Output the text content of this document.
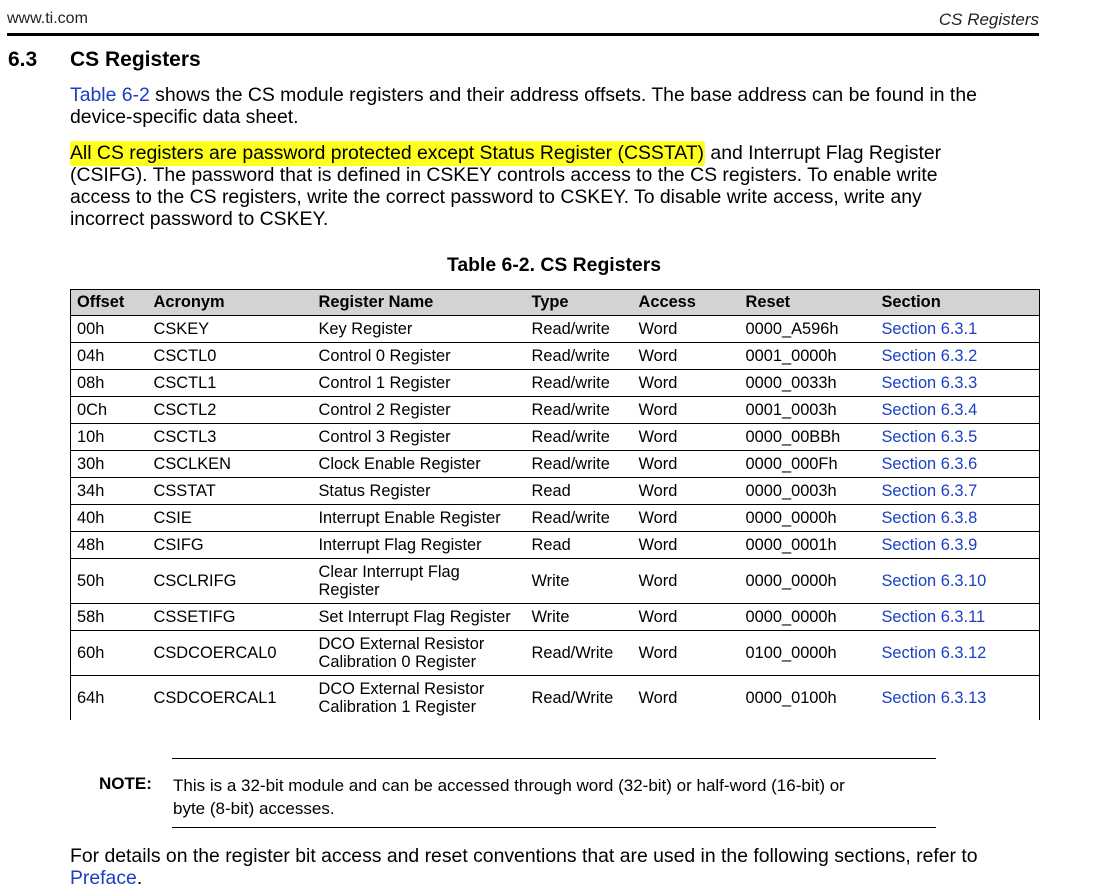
www.ti.com	CS Registers
6.3 CS Registers
Table 6-2 shows the CS module registers and their address offsets. The base address can be found in the
device-specific data sheet.
All CS registers are password protected except Status Register (CSSTAT) and Interrupt Flag Register
(CSIFG). The password that is defined in CSKEY controls access to the CS registers. To enable write
access to the CS registers, write the correct password to CSKEY. To disable write access, write any
incorrect password to CSKEY.
Table 6-2. CS Registers
Offset	Acronym	Register Name	Type	Access	Reset	Section
00h	CSKEY	Key Register	Read/write	Word	0000_A596h	Section 6.3.1
04h	CSCTL0	Control 0 Register	Read/write	Word	0001_0000h	Section 6.3.2
08h	CSCTL1	Control 1 Register	Read/write	Word	0000_0033h	Section 6.3.3
0Ch	CSCTL2	Control 2 Register	Read/write	Word	0001_0003h	Section 6.3.4
10h	CSCTL3	Control 3 Register	Read/write	Word	0000_00BBh	Section 6.3.5
30h	CSCLKEN	Clock Enable Register	Read/write	Word	0000_000Fh	Section 6.3.6
34h	CSSTAT	Status Register	Read	Word	0000_0003h	Section 6.3.7
40h	CSIE	Interrupt Enable Register	Read/write	Word	0000_0000h	Section 6.3.8
48h	CSIFG	Interrupt Flag Register	Read	Word	0000_0001h	Section 6.3.9
50h	CSCLRIFG	Clear Interrupt Flag
Register	Write	Word	0000_0000h	Section 6.3.10
58h	CSSETIFG	Set Interrupt Flag Register	Write	Word	0000_0000h	Section 6.3.11
60h	CSDCOERCAL0	DCO External Resistor
Calibration 0 Register	Read/Write	Word	0100_0000h	Section 6.3.12
64h	CSDCOERCAL1	DCO External Resistor
Calibration 1 Register	Read/Write	Word	0000_0100h	Section 6.3.13
NOTE: This is a 32-bit module and can be accessed through word (32-bit) or half-word (16-bit) or
byte (8-bit) accesses.
For details on the register bit access and reset conventions that are used in the following sections, refer to
Preface.
